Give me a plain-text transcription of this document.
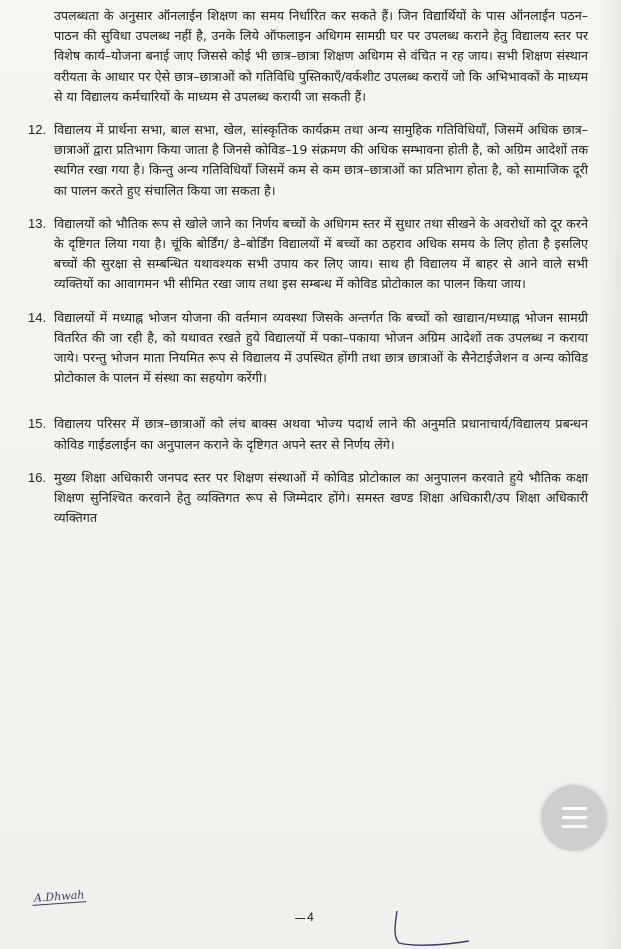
उपलब्धता के अनुसार ऑनलाईन शिक्षण का समय निर्धारित कर सकते हैं। जिन विद्यार्थियों के पास ऑनलाईन पठन–पाठन की सुविधा उपलब्ध नहीं है, उनके लिये ऑफलाइन अधिगम सामग्री घर पर उपलब्ध कराने हेतु विद्यालय स्तर पर विशेष कार्य–योजना बनाई जाए जिससे कोई भी छात्र–छात्रा शिक्षण अधिगम से वंचित न रह जाय। सभी शिक्षण संस्थान वरीयता के आधार पर ऐसे छात्र–छात्राओं को गतिविधि पुस्तिकाएँ/वर्कशीट उपलब्ध करायें जो कि अभिभावकों के माध्यम से या विद्यालय कर्मचारियों के माध्यम से उपलब्ध करायी जा सकती हैं।
12. विद्यालय में प्रार्थना सभा, बाल सभा, खेल, सांस्कृतिक कार्यक्रम तथा अन्य सामुहिक गतिविधियाँ, जिसमें अधिक छात्र–छात्राओं द्वारा प्रतिभाग किया जाता है जिनसे कोविड–19 संक्रमण की अधिक सम्भावना होती है, को अग्रिम आदेशों तक स्थगित रखा गया है। किन्तु अन्य गतिविधियाँ जिसमें कम से कम छात्र–छात्राओं का प्रतिभाग होता है, को सामाजिक दूरी का पालन करते हुए संचालित किया जा सकता है।
13. विद्यालयों को भौतिक रूप से खोले जाने का निर्णय बच्चों के अधिगम स्तर में सुधार तथा सीखने के अवरोधों को दूर करने के दृष्टिगत लिया गया है। चूंकि बोर्डिंग/ डे–बोर्डिंग विद्यालयों में बच्चों का ठहराव अधिक समय के लिए होता है इसलिए बच्चों की सुरक्षा से सम्बन्धित यथावश्यक सभी उपाय कर लिए जाय। साथ ही विद्यालय में बाहर से आने वाले सभी व्यक्तियों का आवागमन भी सीमित रखा जाय तथा इस सम्बन्ध में कोविड प्रोटोकाल का पालन किया जाय।
14. विद्यालयों में मध्याह्न भोजन योजना की वर्तमान व्यवस्था जिसके अन्तर्गत कि बच्चों को खाद्यान/मध्याह्न भोजन सामग्री वितरित की जा रही है, को यथावत रखते हुये विद्यालयों में पका–पकाया भोजन अग्रिम आदेशों तक उपलब्ध न कराया जाये। परन्तु भोजन माता नियमित रूप से विद्यालय में उपस्थित होंगी तथा छात्र छात्राओं के सैनेटाईजेशन व अन्य कोविड प्रोटोकाल के पालन में संस्था का सहयोग करेंगी।
15. विद्यालय परिसर में छात्र–छात्राओं को लंच बाक्स अथवा भोज्य पदार्थ लाने की अनुमति प्रधानाचार्य/विद्यालय प्रबन्धन कोविड गाईडलाईन का अनुपालन कराने के दृष्टिगत अपने स्तर से निर्णय लेंगे।
16. मुख्य शिक्षा अधिकारी जनपद स्तर पर शिक्षण संस्थाओं में कोविड प्रोटोकाल का अनुपालन करवाते हुये भौतिक कक्षा शिक्षण सुनिश्चित करवाने हेतु व्यक्तिगत रूप से जिम्मेदार होंगे। समस्त खण्ड शिक्षा अधिकारी/उप शिक्षा अधिकारी व्यक्तिगत
A.Dhwah
4
